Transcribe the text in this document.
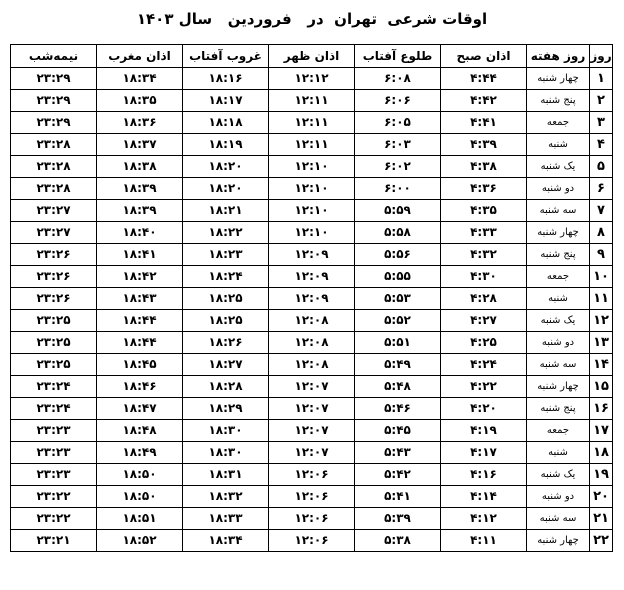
اوقات شرعی  تهران  در   فروردین   سال ۱۴۰۳
روز	روز هفته	اذان صبح	طلوع آفتاب	اذان ظهر	غروب آفتاب	اذان مغرب	نیمه‌شب
۱	چهار شنبه	۴:۴۴	۶:۰۸	۱۲:۱۲	۱۸:۱۶	۱۸:۳۴	۲۳:۲۹
۲	پنج شنبه	۴:۴۲	۶:۰۶	۱۲:۱۱	۱۸:۱۷	۱۸:۳۵	۲۳:۲۹
۳	جمعه	۴:۴۱	۶:۰۵	۱۲:۱۱	۱۸:۱۸	۱۸:۳۶	۲۳:۲۹
۴	شنبه	۴:۳۹	۶:۰۳	۱۲:۱۱	۱۸:۱۹	۱۸:۳۷	۲۳:۲۸
۵	یک شنبه	۴:۳۸	۶:۰۲	۱۲:۱۰	۱۸:۲۰	۱۸:۳۸	۲۳:۲۸
۶	دو شنبه	۴:۳۶	۶:۰۰	۱۲:۱۰	۱۸:۲۰	۱۸:۳۹	۲۳:۲۸
۷	سه شنبه	۴:۳۵	۵:۵۹	۱۲:۱۰	۱۸:۲۱	۱۸:۳۹	۲۳:۲۷
۸	چهار شنبه	۴:۳۳	۵:۵۸	۱۲:۱۰	۱۸:۲۲	۱۸:۴۰	۲۳:۲۷
۹	پنج شنبه	۴:۳۲	۵:۵۶	۱۲:۰۹	۱۸:۲۳	۱۸:۴۱	۲۳:۲۶
۱۰	جمعه	۴:۳۰	۵:۵۵	۱۲:۰۹	۱۸:۲۴	۱۸:۴۲	۲۳:۲۶
۱۱	شنبه	۴:۲۸	۵:۵۳	۱۲:۰۹	۱۸:۲۵	۱۸:۴۳	۲۳:۲۶
۱۲	یک شنبه	۴:۲۷	۵:۵۲	۱۲:۰۸	۱۸:۲۵	۱۸:۴۴	۲۳:۲۵
۱۳	دو شنبه	۴:۲۵	۵:۵۱	۱۲:۰۸	۱۸:۲۶	۱۸:۴۴	۲۳:۲۵
۱۴	سه شنبه	۴:۲۴	۵:۴۹	۱۲:۰۸	۱۸:۲۷	۱۸:۴۵	۲۳:۲۵
۱۵	چهار شنبه	۴:۲۲	۵:۴۸	۱۲:۰۷	۱۸:۲۸	۱۸:۴۶	۲۳:۲۴
۱۶	پنج شنبه	۴:۲۰	۵:۴۶	۱۲:۰۷	۱۸:۲۹	۱۸:۴۷	۲۳:۲۴
۱۷	جمعه	۴:۱۹	۵:۴۵	۱۲:۰۷	۱۸:۳۰	۱۸:۴۸	۲۳:۲۳
۱۸	شنبه	۴:۱۷	۵:۴۳	۱۲:۰۷	۱۸:۳۰	۱۸:۴۹	۲۳:۲۳
۱۹	یک شنبه	۴:۱۶	۵:۴۲	۱۲:۰۶	۱۸:۳۱	۱۸:۵۰	۲۳:۲۳
۲۰	دو شنبه	۴:۱۴	۵:۴۱	۱۲:۰۶	۱۸:۳۲	۱۸:۵۰	۲۳:۲۲
۲۱	سه شنبه	۴:۱۲	۵:۳۹	۱۲:۰۶	۱۸:۳۳	۱۸:۵۱	۲۳:۲۲
۲۲	چهار شنبه	۴:۱۱	۵:۳۸	۱۲:۰۶	۱۸:۳۴	۱۸:۵۲	۲۳:۲۱
